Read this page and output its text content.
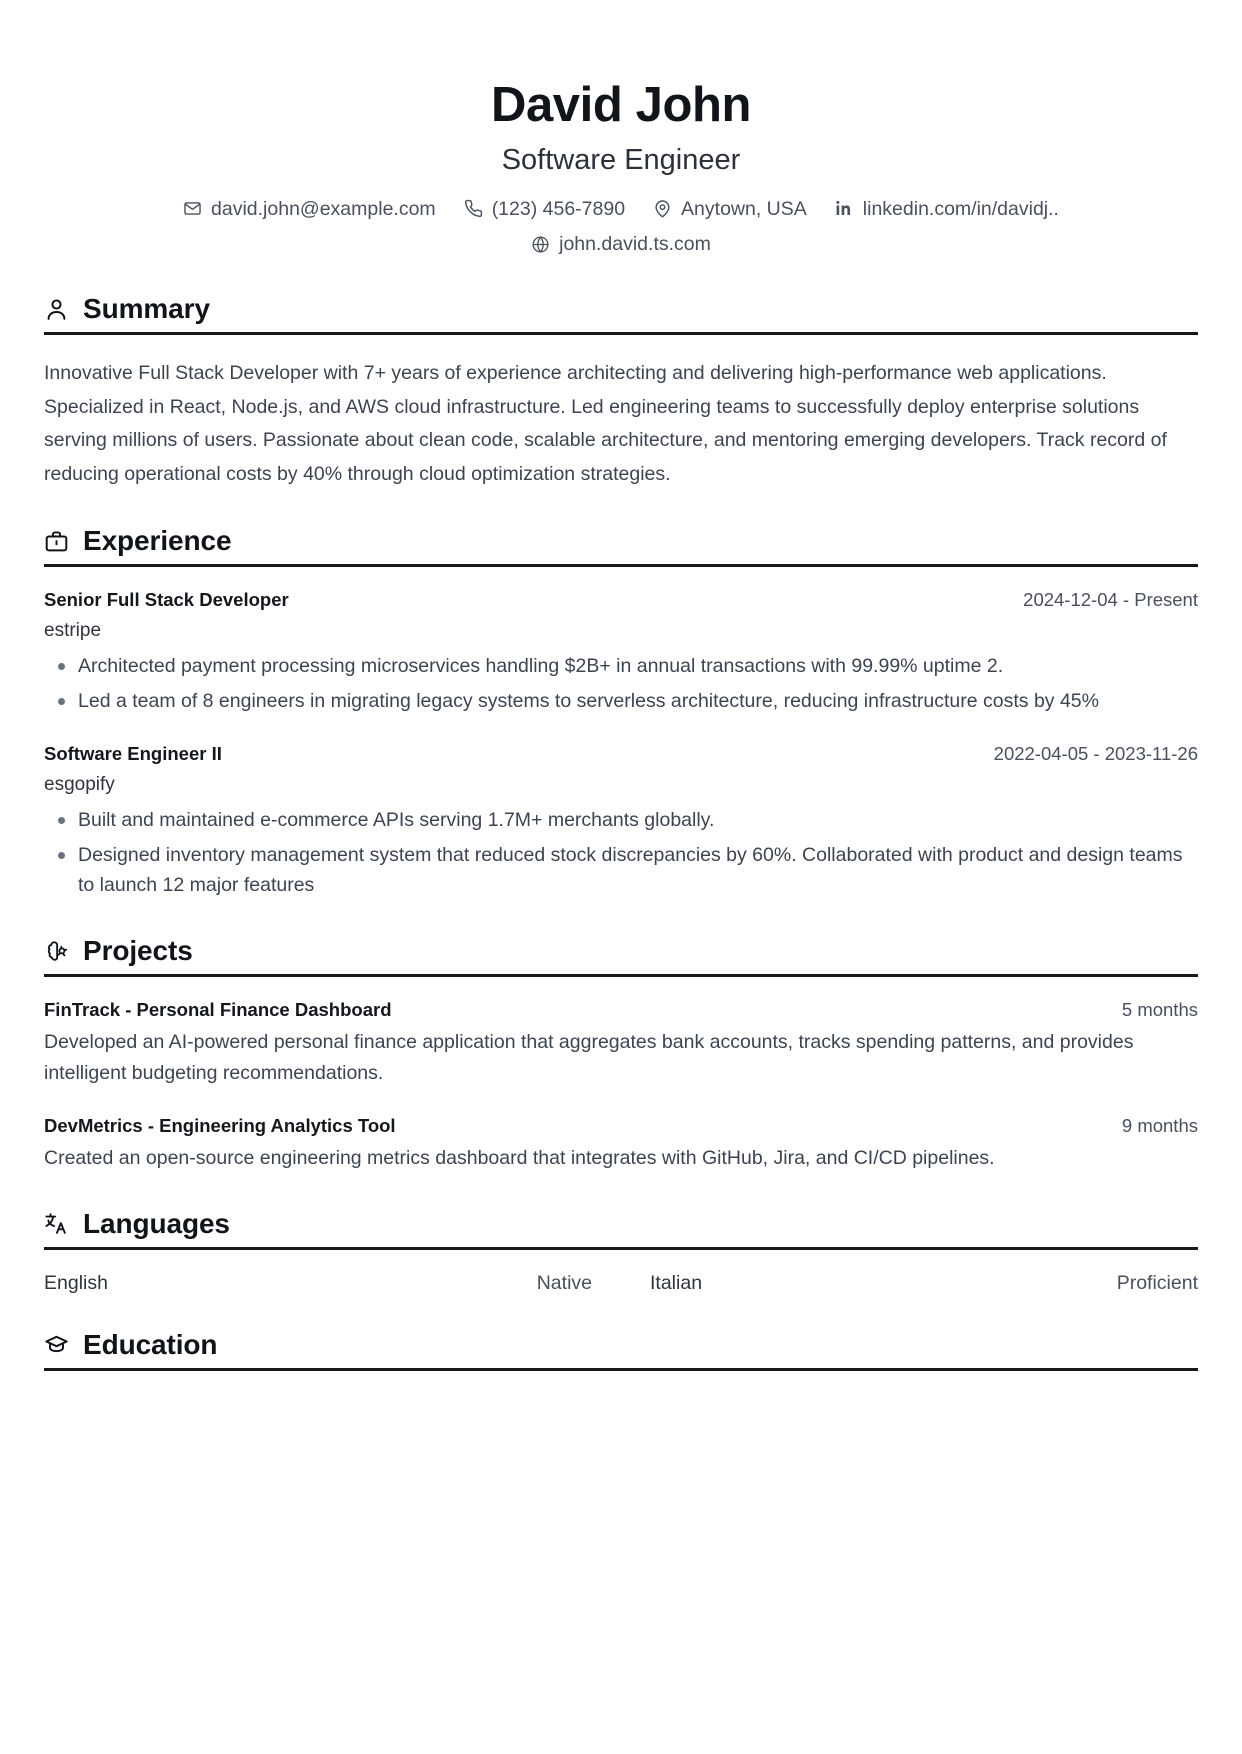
David John
Software Engineer
david.john@example.com	(123) 456-7890	Anytown, USA	linkedin.com/in/davidj..
john.david.ts.com
Summary

Innovative Full Stack Developer with 7+ years of experience architecting and delivering high-performance web applications. Specialized in React, Node.js, and AWS cloud infrastructure. Led engineering teams to successfully deploy enterprise solutions serving millions of users. Passionate about clean code, scalable architecture, and mentoring emerging developers. Track record of reducing operational costs by 40% through cloud optimization strategies.

Experience
Senior Full Stack Developer	2024-12-04 - Present
estripe
Architected payment processing microservices handling $2B+ in annual transactions with 99.99% uptime 2.
Led a team of 8 engineers in migrating legacy systems to serverless architecture, reducing infrastructure costs by 45%
Software Engineer II	2022-04-05 - 2023-11-26
esgopify
Built and maintained e-commerce APIs serving 1.7M+ merchants globally.
Designed inventory management system that reduced stock discrepancies by 60%. Collaborated with product and design teams to launch 12 major features
Projects
FinTrack - Personal Finance Dashboard	5 months
Developed an AI-powered personal finance application that aggregates bank accounts, tracks spending patterns, and provides intelligent budgeting recommendations.
DevMetrics - Engineering Analytics Tool	9 months
Created an open-source engineering metrics dashboard that integrates with GitHub, Jira, and CI/CD pipelines.
Languages
English	Native	Italian	Proficient
Education
